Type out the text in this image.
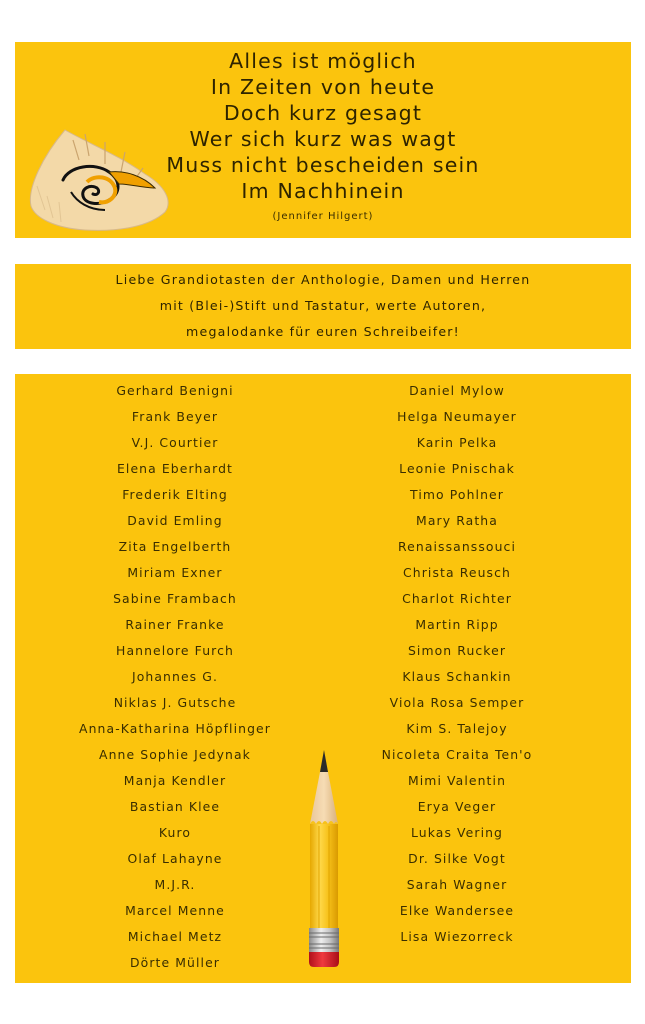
Alles ist möglich
In Zeiten von heute
Doch kurz gesagt
Wer sich kurz was wagt
Muss nicht bescheiden sein
Im Nachhinein
(Jennifer Hilgert)
Liebe Grandiotasten der Anthologie, Damen und Herren
mit (Blei-)Stift und Tastatur, werte Autoren,
megalodanke für euren Schreibeifer!
Gerhard Benigni
Frank Beyer
V.J. Courtier
Elena Eberhardt
Frederik Elting
David Emling
Zita Engelberth
Miriam Exner
Sabine Frambach
Rainer Franke
Hannelore Furch
Johannes G.
Niklas J. Gutsche
Anna-Katharina Höpflinger
Anne Sophie Jedynak
Manja Kendler
Bastian Klee
Kuro
Olaf Lahayne
M.J.R.
Marcel Menne
Michael Metz
Dörte Müller
Daniel Mylow
Helga Neumayer
Karin Pelka
Leonie Pnischak
Timo Pohlner
Mary Ratha
Renaissanssouci
Christa Reusch
Charlot Richter
Martin Ripp
Simon Rucker
Klaus Schankin
Viola Rosa Semper
Kim S. Talejoy
Nicoleta Craita Ten'o
Mimi Valentin
Erya Veger
Lukas Vering
Dr. Silke Vogt
Sarah Wagner
Elke Wandersee
Lisa Wiezorreck
